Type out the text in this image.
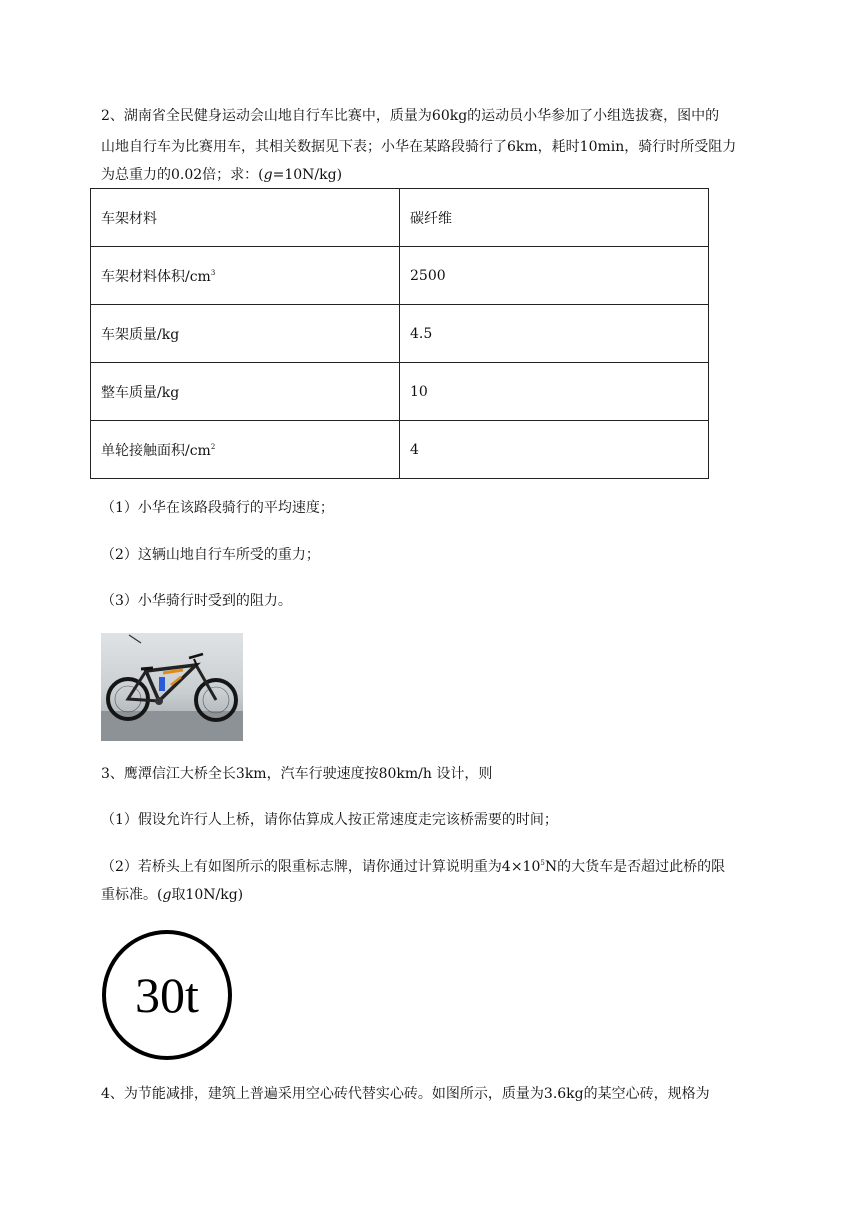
2、湖南省全民健身运动会山地自行车比赛中，质量为60kg的运动员小华参加了小组选拔赛，图中的
山地自行车为比赛用车，其相关数据见下表；小华在某路段骑行了6km，耗时10min，骑行时所受阻力
为总重力的0.02倍；求：(g=10N/kg)
车架材料	碳纤维
车架材料体积$/cm^3$	2500
车架质量/kg	4.5
整车质量/kg	10
单轮接触面积$/cm^2$	4
（1）小华在该路段骑行的平均速度；
（2）这辆山地自行车所受的重力；
（3）小华骑行时受到的阻力。
3、鹰潭信江大桥全长3km，汽车行驶速度按80km/h 设计，则
（1）假设允许行人上桥，请你估算成人按正常速度走完该桥需要的时间；
（2）若桥头上有如图所示的限重标志牌，请你通过计算说明重为$4\times 10^5N$的大货车是否超过此桥的限
重标准。(g取10N/kg)
30t
4、为节能减排，建筑上普遍采用空心砖代替实心砖。如图所示，质量为3.6kg的某空心砖，规格为
